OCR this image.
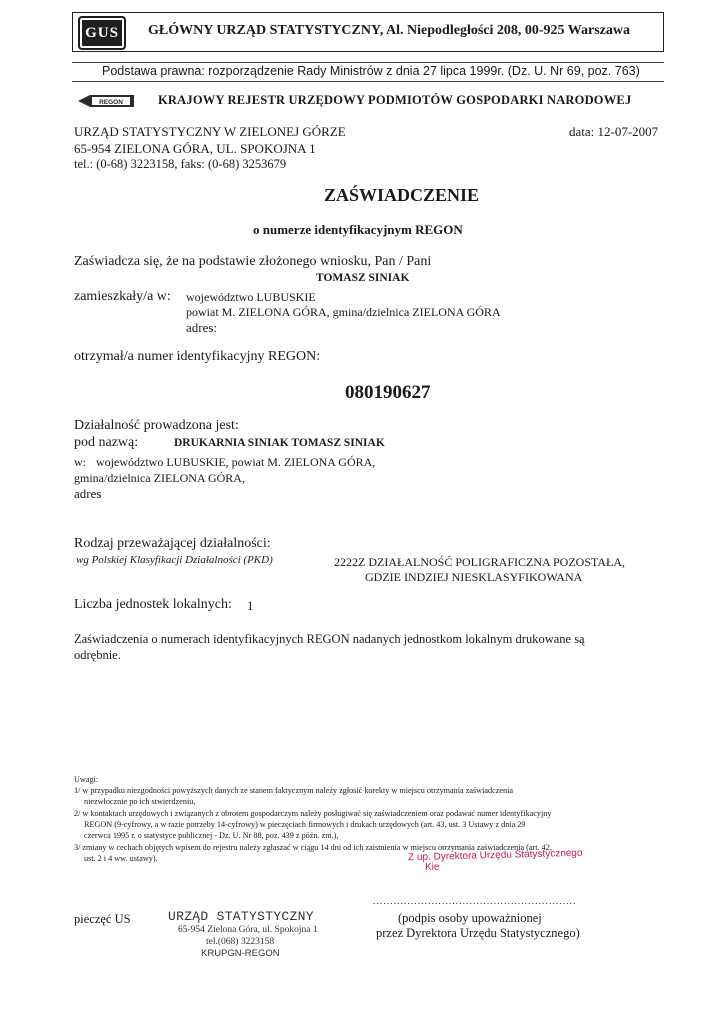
GUS	GŁÓWNY URZĄD STATYSTYCZNY, Al. Niepodległości 208, 00-925 Warszawa
Podstawa prawna: rozporządzenie Rady Ministrów z dnia 27 lipca 1999r. (Dz. U. Nr 69, poz. 763)
REGON	KRAJOWY REJESTR URZĘDOWY PODMIOTÓW GOSPODARKI NARODOWEJ
URZĄD STATYSTYCZNY W ZIELONEJ GÓRZE
65-954 ZIELONA GÓRA, UL. SPOKOJNA 1
tel.: (0-68) 3223158, faks: (0-68) 3253679
data: 12-07-2007
ZAŚWIADCZENIE
o numerze identyfikacyjnym REGON
Zaświadcza się, że na podstawie złożonego wniosku, Pan / Pani
TOMASZ SINIAK
zamieszkały/a w: województwo LUBUSKIE
powiat M. ZIELONA GÓRA, gmina/dzielnica ZIELONA GÓRA
adres:
otrzymał/a numer identyfikacyjny REGON:
080190627
Działalność prowadzona jest:
pod nazwą:	DRUKARNIA SINIAK TOMASZ SINIAK
w: województwo LUBUSKIE, powiat M. ZIELONA GÓRA,
gmina/dzielnica ZIELONA GÓRA,
adres
Rodzaj przeważającej działalności:
wg Polskiej Klasyfikacji Działalności (PKD)	2222Z DZIAŁALNOŚĆ POLIGRAFICZNA POZOSTAŁA,
GDZIE INDZIEJ NIESKLASYFIKOWANA
Liczba jednostek lokalnych: 1
Zaświadczenia o numerach identyfikacyjnych REGON nadanych jednostkom lokalnym drukowane są
odrębnie.
Uwagi:
1/ w przypadku niezgodności powyższych danych ze stanem faktycznym należy zgłosić korekty w miejscu otrzymania zaświadczenia
niezwłocznie po ich stwierdzeniu,
2/ w kontaktach urzędowych i związanych z obrotem gospodarczym należy posługiwać się zaświadczeniem oraz podawać numer identyfikacyjny
REGON (9-cyfrowy, a w razie potrzeby 14-cyfrowy) w pieczęciach firmowych i drukach urzędowych (art. 43, ust. 3 Ustawy z dnia 29
czerwca 1995 r. o statystyce publicznej - Dz. U. Nr 88, poz. 439 z późn. zm.),
3/ zmiany w cechach objętych wpisem do rejestru należy zgłaszać w ciągu 14 dni od ich zaistnienia w miejscu otrzymania zaświadczenia (art. 42,
ust. 2 i 4 ww. ustawy).	Z up. Dyrektora Urzędu Statystycznego
Kie
pieczęć US	URZĄD STATYSTYCZNY
65-954 Zielona Góra, ul. Spokojna 1
tel.(068) 3223158
KRUPGN-REGON
...........................................................
(podpis osoby upoważnionej
przez Dyrektora Urzędu Statystycznego)
